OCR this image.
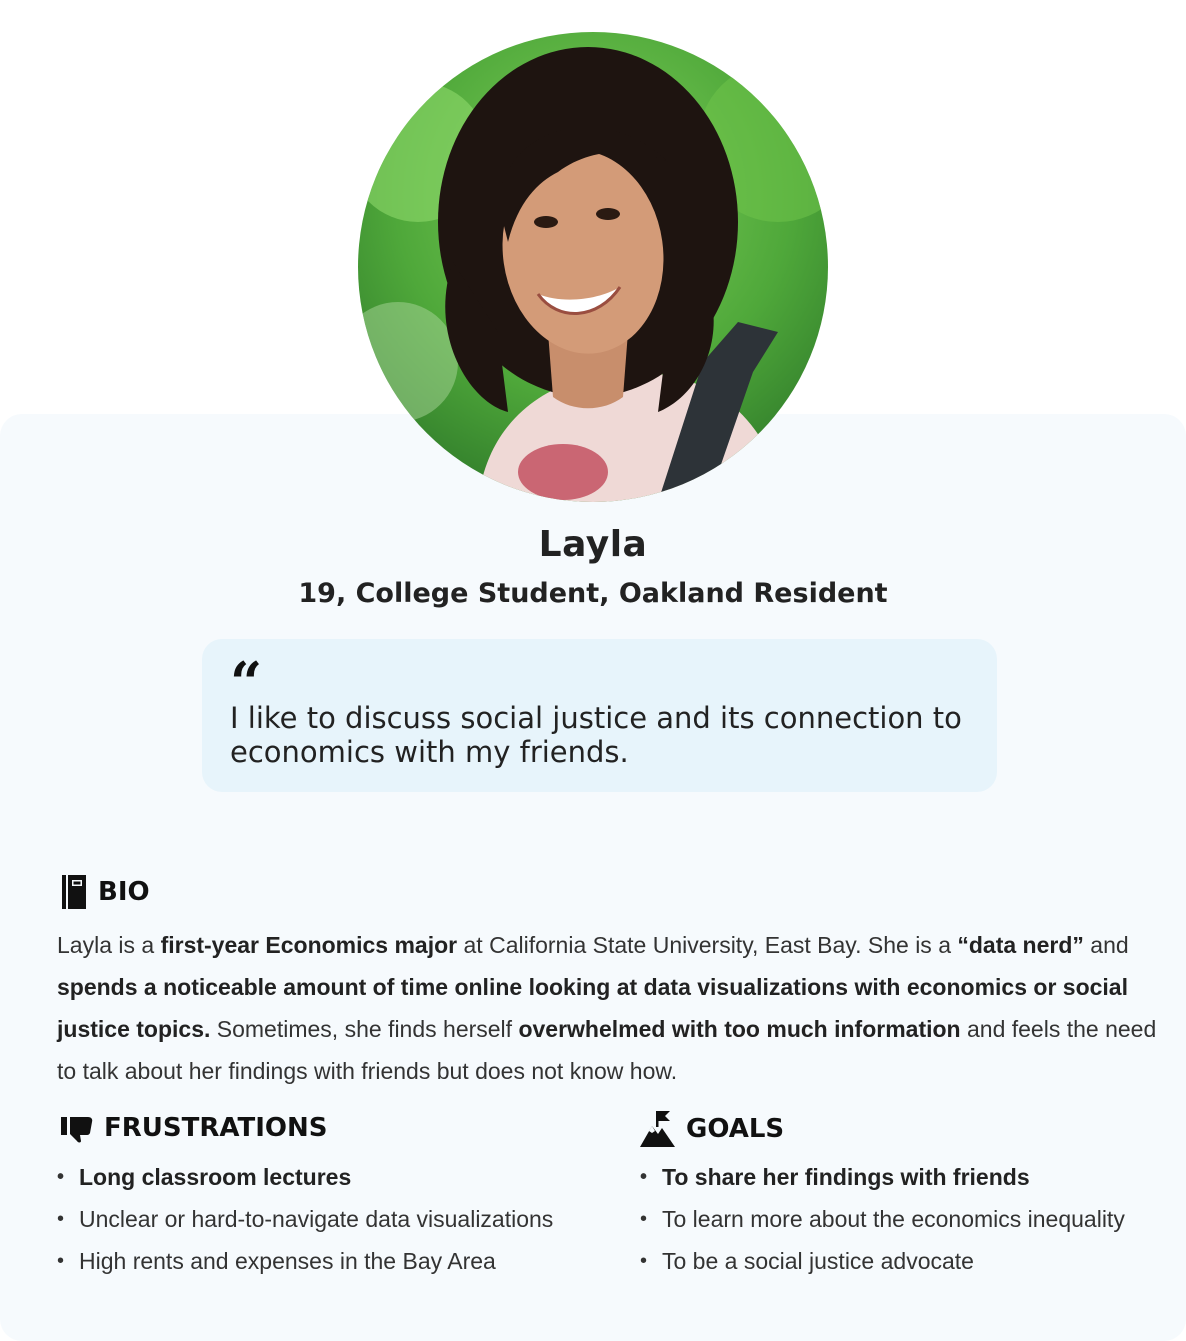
Layla
19, College Student, Oakland Resident
“
I like to discuss social justice and its connection to economics with my friends.
BIO
Layla is a first-year Economics major at California State University, East Bay. She is a “data nerd” and spends a noticeable amount of time online looking at data visualizations with economics or social justice topics. Sometimes, she finds herself overwhelmed with too much information and feels the need to talk about her findings with friends but does not know how.
FRUSTRATIONS
• Long classroom lectures
• Unclear or hard-to-navigate data visualizations
• High rents and expenses in the Bay Area
GOALS
• To share her findings with friends
• To learn more about the economics inequality
• To be a social justice advocate
